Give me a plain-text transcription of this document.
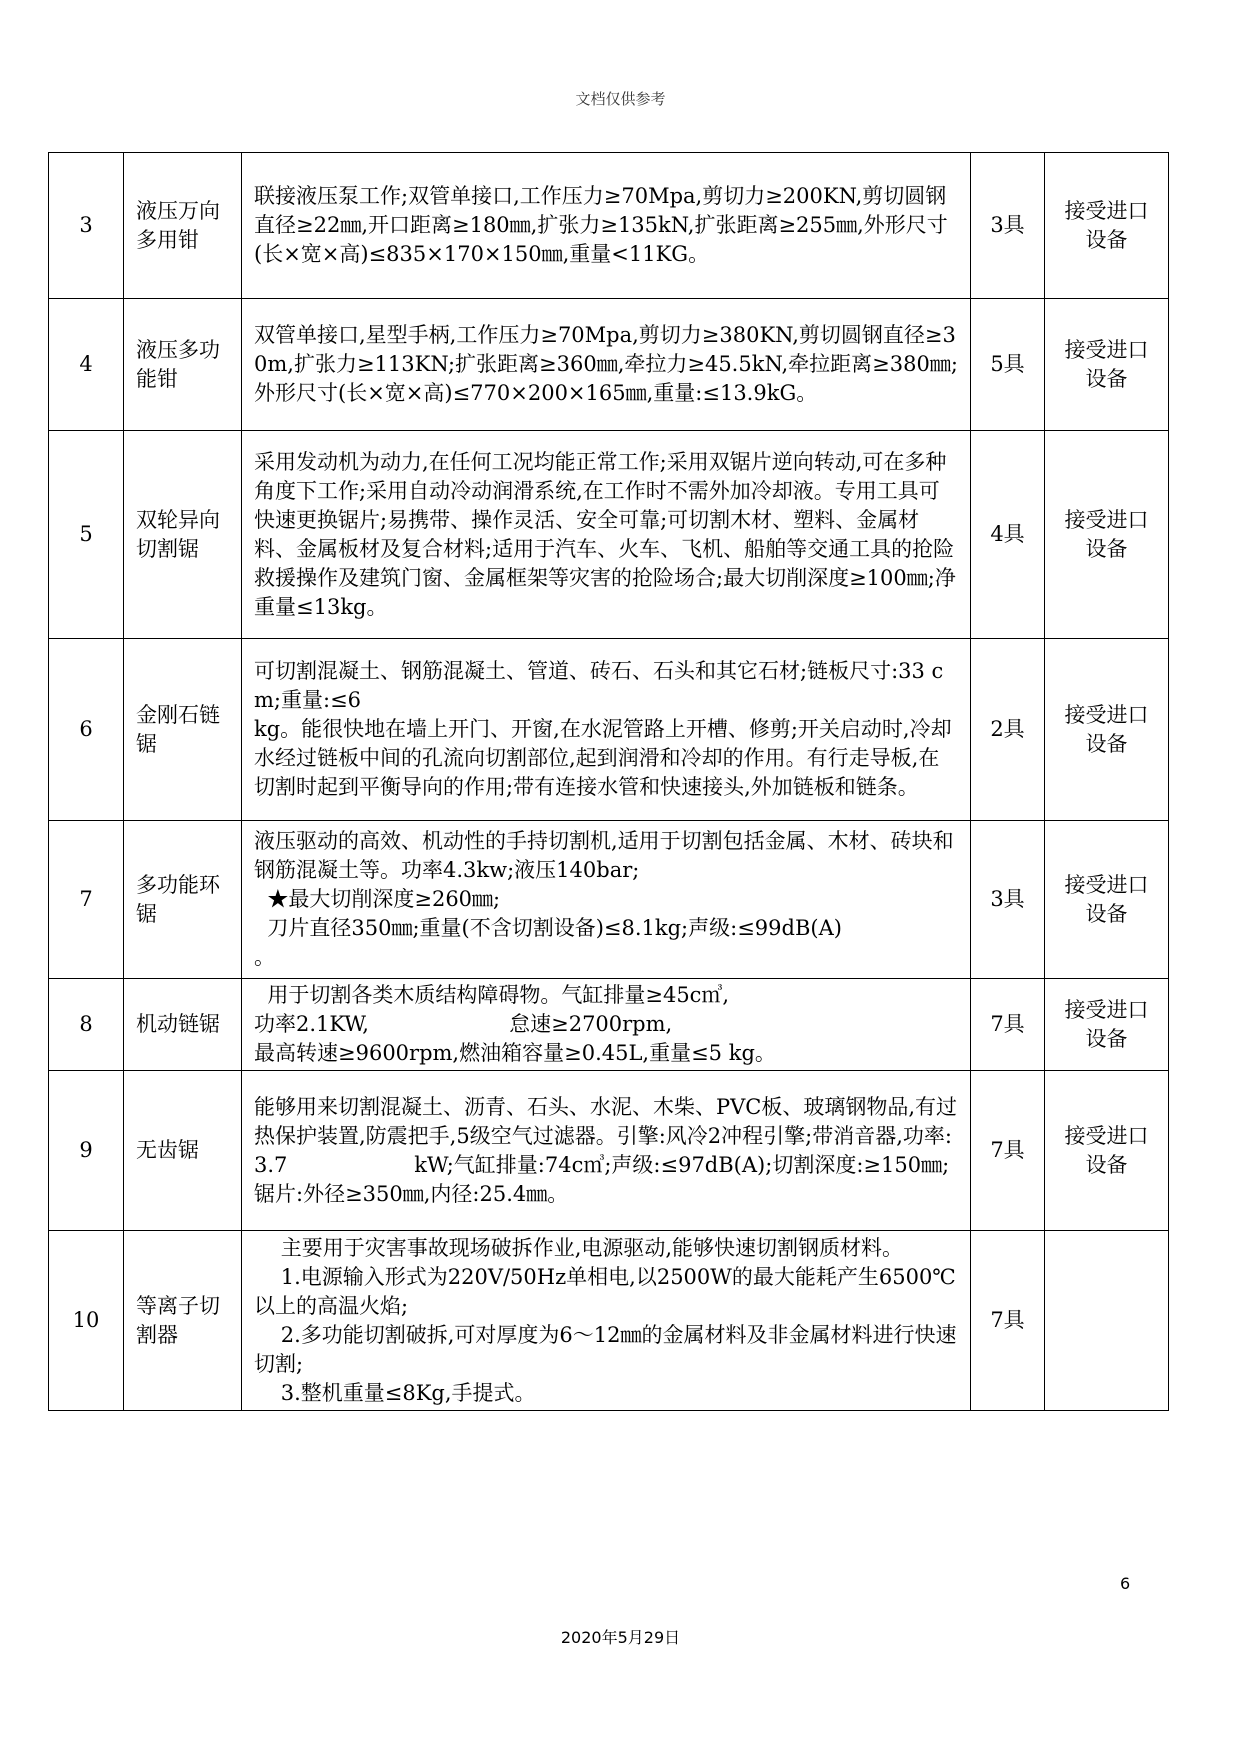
文档仅供参考
3	液压万向多用钳	联接液压泵工作;双管单接口,工作压力≥70Mpa,剪切力≥200KN,剪切圆钢直径≥22㎜,开口距离≥180㎜,扩张力≥135kN,扩张距离≥255㎜,外形尺寸(长×宽×高)≤835×170×150㎜,重量<11KG。	3具	接受进口设备
4	液压多功能钳	双管单接口,星型手柄,工作压力≥70Mpa,剪切力≥380KN,剪切圆钢直径≥30m,扩张力≥113KN;扩张距离≥360㎜,牵拉力≥45.5kN,牵拉距离≥380㎜;外形尺寸(长×宽×高)≤770×200×165㎜,重量:≤13.9kG。	5具	接受进口设备
5	双轮异向切割锯	采用发动机为动力,在任何工况均能正常工作;采用双锯片逆向转动,可在多种角度下工作;采用自动冷动润滑系统,在工作时不需外加冷却液。专用工具可快速更换锯片;易携带、操作灵活、安全可靠;可切割木材、塑料、金属材料、金属板材及复合材料;适用于汽车、火车、飞机、船舶等交通工具的抢险救援操作及建筑门窗、金属框架等灾害的抢险场合;最大切削深度≥100㎜;净重量≤13kg。	4具	接受进口设备
6	金刚石链锯	可切割混凝土、钢筋混凝土、管道、砖石、石头和其它石材;链板尺寸:33 cm;重量:≤6
kg。能很快地在墙上开门、开窗,在水泥管路上开槽、修剪;开关启动时,冷却水经过链板中间的孔流向切割部位,起到润滑和冷却的作用。有行走导板,在切割时起到平衡导向的作用;带有连接水管和快速接头,外加链板和链条。	2具	接受进口设备
7	多功能环锯	液压驱动的高效、机动性的手持切割机,适用于切割包括金属、木材、砖块和钢筋混凝土等。功率4.3kw;液压140bar;
★最大切削深度≥260㎜;
刀片直径350㎜;重量(不含切割设备)≤8.1kg;声级:≤99dB(A)
。	3具	接受进口设备
8	机动链锯	用于切割各类木质结构障碍物。气缸排量≥45c㎥,
功率2.1KW,                     怠速≥2700rpm,
最高转速≥9600rpm,燃油箱容量≥0.45L,重量≤5 kg。	7具	接受进口设备
9	无齿锯	能够用来切割混凝土、沥青、石头、水泥、木柴、PVC板、玻璃钢物品,有过热保护装置,防震把手,5级空气过滤器。引擎:风冷2冲程引擎;带消音器,功率:3.7                   kW;气缸排量:74c㎥;声级:≤97dB(A);切割深度:≥150㎜;锯片:外径≥350㎜,内径:25.4㎜。	7具	接受进口设备
10	等离子切割器	主要用于灾害事故现场破拆作业,电源驱动,能够快速切割钢质材料。
1.电源输入形式为220V/50Hz单相电,以2500W的最大能耗产生6500℃以上的高温火焰;
2.多功能切割破拆,可对厚度为6～12㎜的金属材料及非金属材料进行快速切割;
3.整机重量≤8Kg,手提式。	7具	
6
2020年5月29日
